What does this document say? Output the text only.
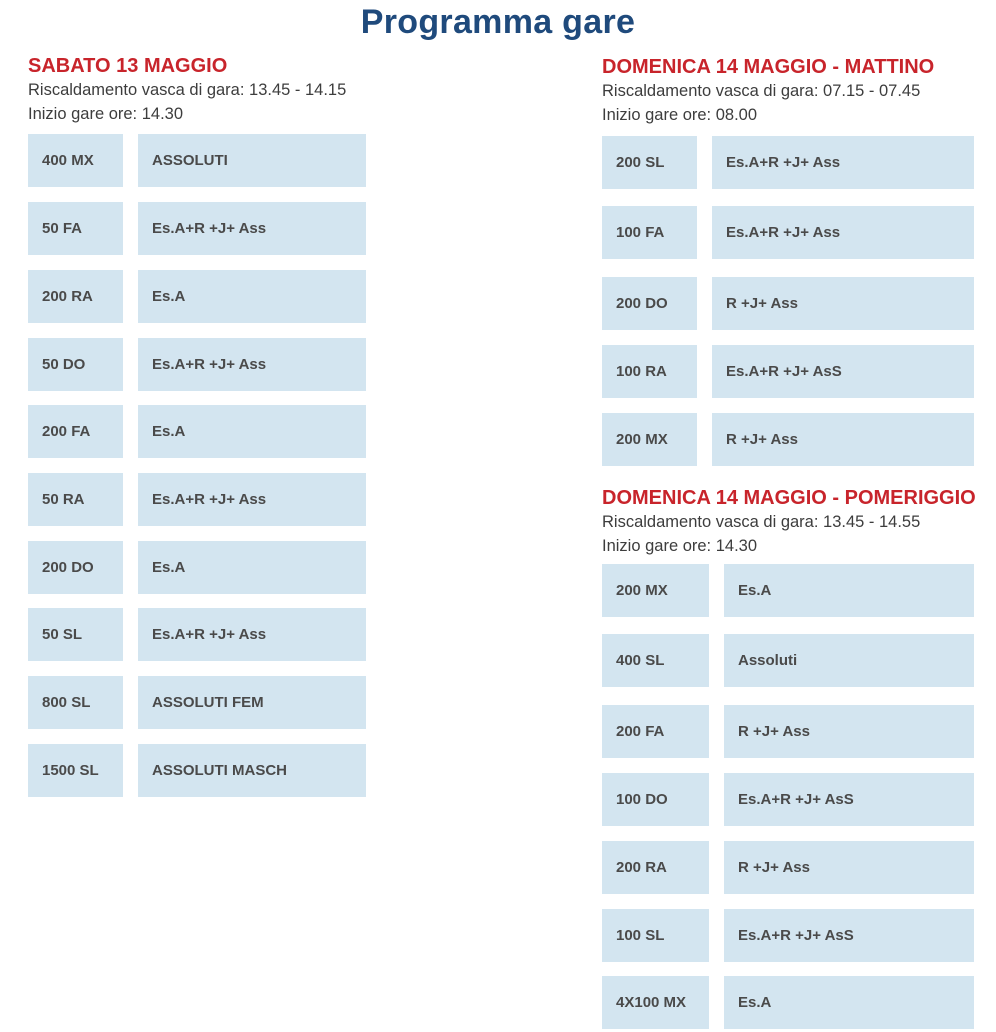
Programma gare
SABATO 13 MAGGIO
Riscaldamento vasca di gara: 13.45 - 14.15
Inizio gare ore: 14.30
DOMENICA 14 MAGGIO - MATTINO
Riscaldamento vasca di gara: 07.15 - 07.45
Inizio gare ore: 08.00
DOMENICA 14 MAGGIO - POMERIGGIO
Riscaldamento vasca di gara: 13.45 - 14.55
Inizio gare ore: 14.30
400 MX	ASSOLUTI
50 FA	Es.A+R +J+ Ass
200 RA	Es.A
50 DO	Es.A+R +J+ Ass
200 FA	Es.A
50 RA	Es.A+R +J+ Ass
200 DO	Es.A
50 SL	Es.A+R +J+ Ass
800 SL	ASSOLUTI FEM
1500 SL	ASSOLUTI MASCH
200 SL	Es.A+R +J+ Ass
100 FA	Es.A+R +J+ Ass
200 DO	R +J+ Ass
100 RA	Es.A+R +J+ AsS
200 MX	R +J+ Ass
200 MX	Es.A
400 SL	Assoluti
200 FA	R +J+ Ass
100 DO	Es.A+R +J+ AsS
200 RA	R +J+ Ass
100 SL	Es.A+R +J+ AsS
4X100 MX	Es.A
